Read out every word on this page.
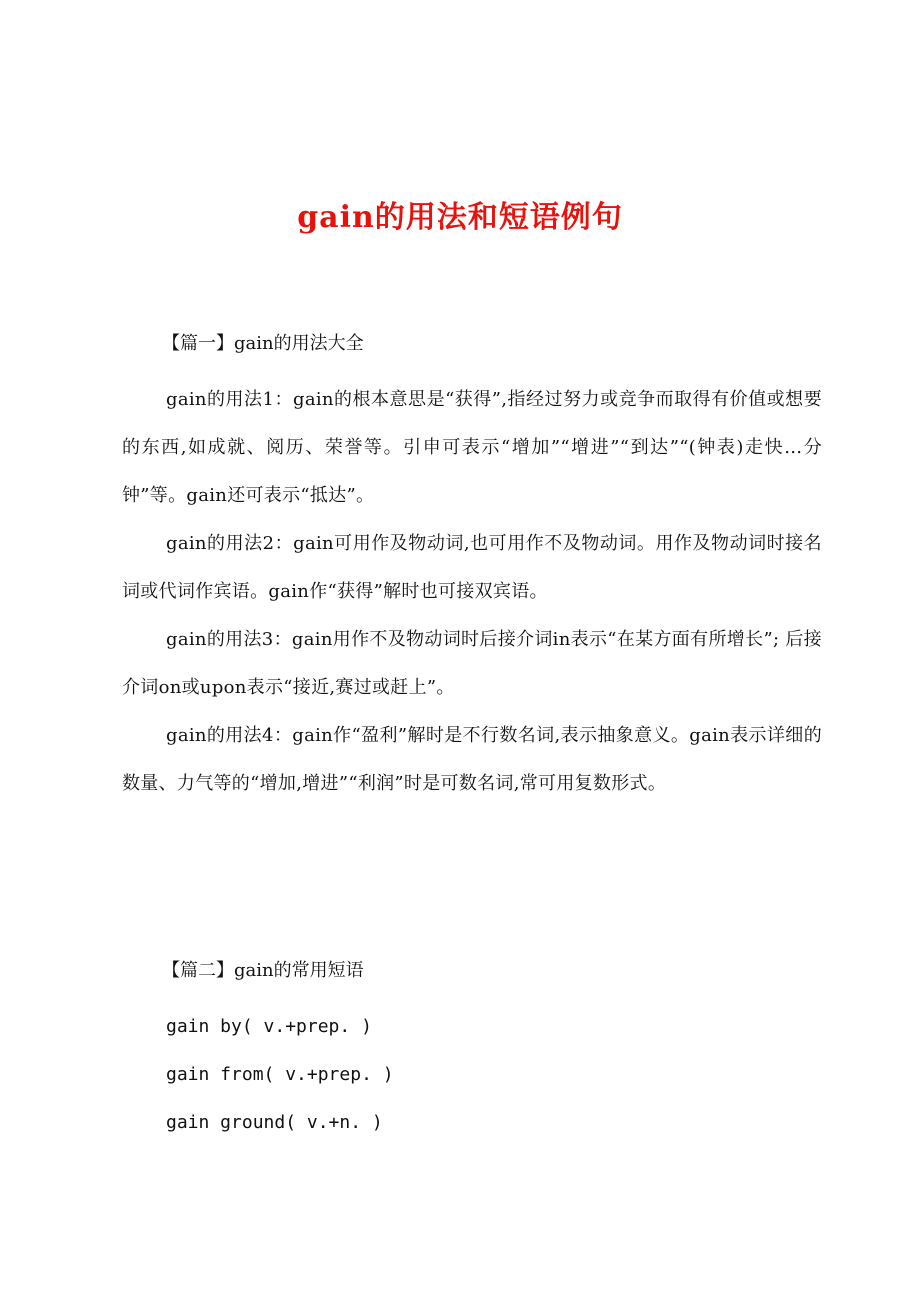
gain的用法和短语例句
【篇一】gain的用法大全

gain的用法1：gain的根本意思是“获得”,指经过努力或竞争而取得有价值或想要的东西,如成就、阅历、荣誉等。引申可表示“增加”“增进”“到达”“(钟表)走快…分钟”等。gain还可表示“抵达”。

gain的用法2：gain可用作及物动词,也可用作不及物动词。用作及物动词时接名词或代词作宾语。gain作“获得”解时也可接双宾语。

gain的用法3：gain用作不及物动词时后接介词in表示“在某方面有所增长”; 后接介词on或upon表示“接近,赛过或赶上”。

gain的用法4：gain作“盈利”解时是不行数名词,表示抽象意义。gain表示详细的数量、力气等的“增加,增进”“利润”时是可数名词,常可用复数形式。

【篇二】gain的常用短语

gain by( v.+prep. )

gain from( v.+prep. )

gain ground( v.+n. )
